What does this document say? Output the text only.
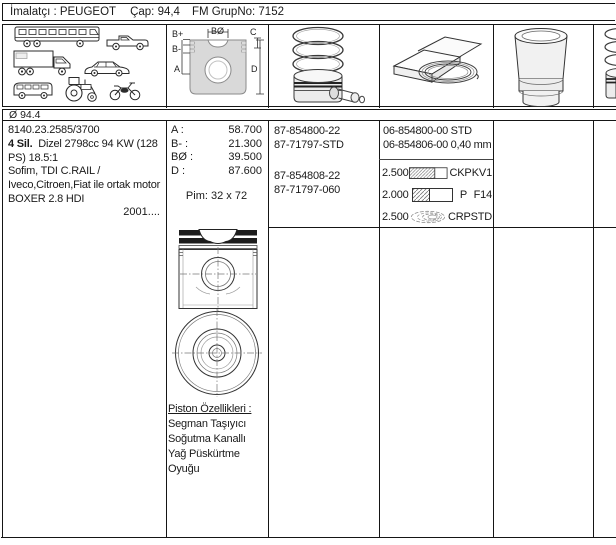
İmalatçı : PEUGEOT Çap: 94,4 FM GrupNo: 7152
B+	BØ	C
B-
A	D
Ø 94.4
8140.23.2585/3700
4 Sil. Dizel 2798cc 94 KW (128 PS) 18.5:1
Sofim, TDI C.RAIL /
Iveco,Citroen,Fiat ile ortak motor
BOXER 2.8 HDI
2001....
A :	58.700
B- :	21.300
BØ :	39.500
D :	87.600
Pim: 32 x 72
Piston Özellikleri :
Segman Taşıyıcı
Soğutma Kanallı
Yağ Püskürtme
Oyuğu
87-854800-22
87-71797-STD
87-854808-22
87-71797-060
06-854800-00 STD
06-854806-00 0,40 mm
2.500	CKP KV1
2.000	P F14
2.500	CRP STD
